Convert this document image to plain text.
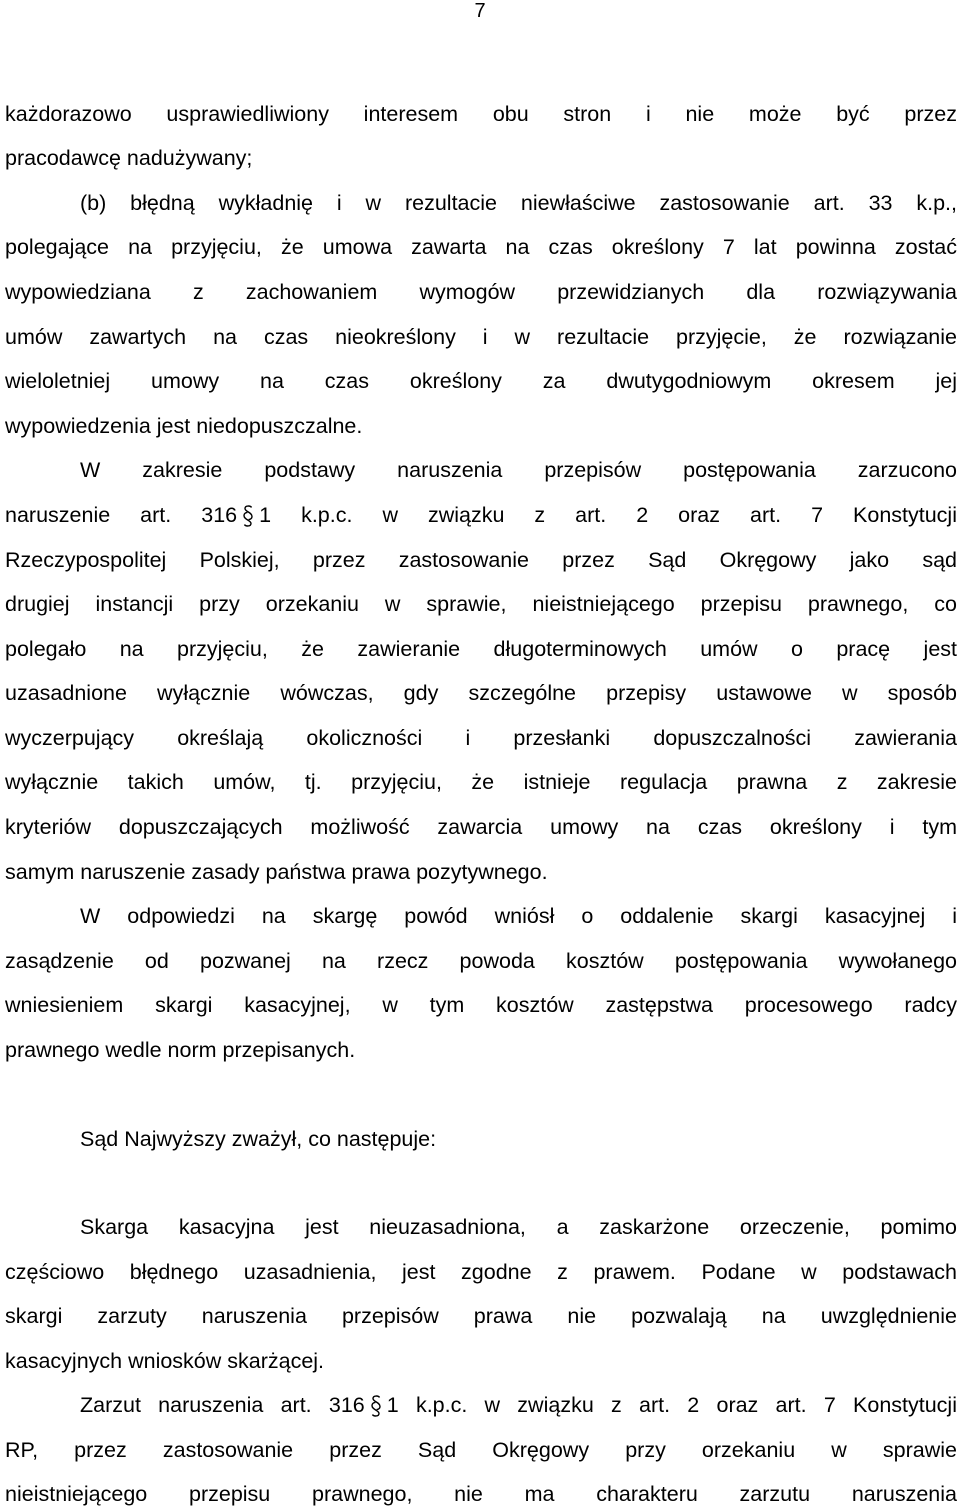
7
każdorazowo usprawiedliwiony interesem obu stron i nie może być przez
pracodawcę nadużywany;
(b) błędną wykładnię i w rezultacie niewłaściwe zastosowanie art. 33 k.p.,
polegające na przyjęciu, że umowa zawarta na czas określony 7 lat powinna zostać
wypowiedziana z zachowaniem wymogów przewidzianych dla rozwiązywania
umów zawartych na czas nieokreślony i w rezultacie przyjęcie, że rozwiązanie
wieloletniej umowy na czas określony za dwutygodniowym okresem jej
wypowiedzenia jest niedopuszczalne.
W zakresie podstawy naruszenia przepisów postępowania zarzucono
naruszenie art. 316 1 k.p.c. w związku z art. 2 oraz art. 7 Konstytucji
Rzeczypospolitej Polskiej, przez zastosowanie przez Sąd Okręgowy jako sąd
drugiej instancji przy orzekaniu w sprawie, nieistniejącego przepisu prawnego, co
polegało na przyjęciu, że zawieranie długoterminowych umów o pracę jest
uzasadnione wyłącznie wówczas, gdy szczególne przepisy ustawowe w sposób
wyczerpujący określają okoliczności i przesłanki dopuszczalności zawierania
wyłącznie takich umów, tj. przyjęciu, że istnieje regulacja prawna z zakresie
kryteriów dopuszczających możliwość zawarcia umowy na czas określony i tym
samym naruszenie zasady państwa prawa pozytywnego.
W odpowiedzi na skargę powód wniósł o oddalenie skargi kasacyjnej i
zasądzenie od pozwanej na rzecz powoda kosztów postępowania wywołanego
wniesieniem skargi kasacyjnej, w tym kosztów zastępstwa procesowego radcy
prawnego wedle norm przepisanych.
Sąd Najwyższy zważył, co następuje:
Skarga kasacyjna jest nieuzasadniona, a zaskarżone orzeczenie, pomimo
częściowo błędnego uzasadnienia, jest zgodne z prawem. Podane w podstawach
skargi zarzuty naruszenia przepisów prawa nie pozwalają na uwzględnienie
kasacyjnych wniosków skarżącej.
Zarzut naruszenia art. 316 1 k.p.c. w związku z art. 2 oraz art. 7 Konstytucji
RP, przez zastosowanie przez Sąd Okręgowy przy orzekaniu w sprawie
nieistniejącego przepisu prawnego, nie ma charakteru zarzutu naruszenia
